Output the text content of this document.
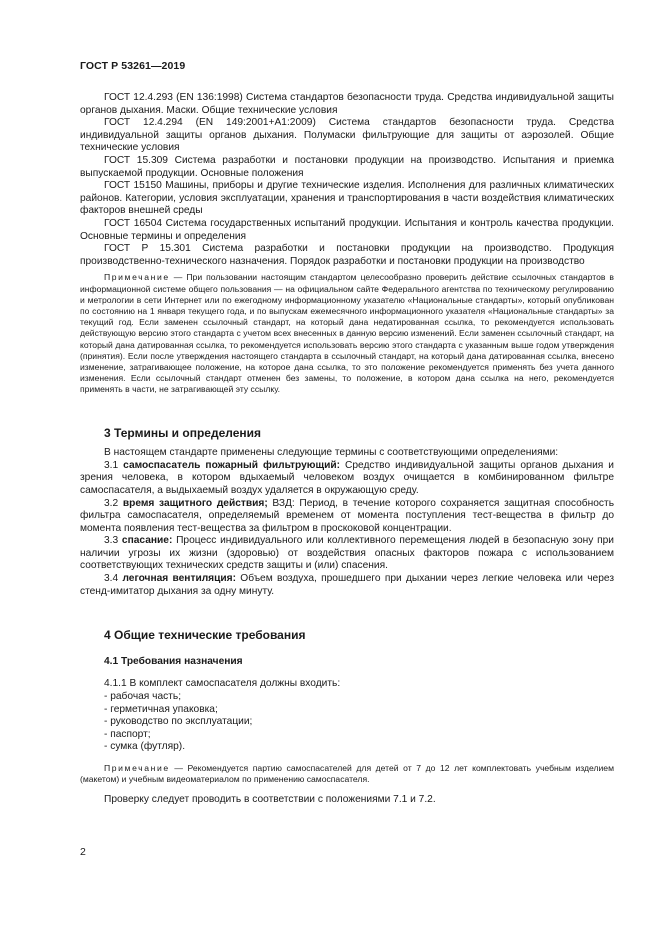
ГОСТ Р 53261—2019

ГОСТ 12.4.293 (EN 136:1998) Система стандартов безопасности труда. Средства индивидуальной защиты органов дыхания. Маски. Общие технические условия

ГОСТ 12.4.294 (EN 149:2001+A1:2009) Система стандартов безопасности труда. Средства индивидуальной защиты органов дыхания. Полумаски фильтрующие для защиты от аэрозолей. Общие технические условия

ГОСТ 15.309 Система разработки и постановки продукции на производство. Испытания и приемка выпускаемой продукции. Основные положения

ГОСТ 15150 Машины, приборы и другие технические изделия. Исполнения для различных климатических районов. Категории, условия эксплуатации, хранения и транспортирования в части воздействия климатических факторов внешней среды

ГОСТ 16504 Система государственных испытаний продукции. Испытания и контроль качества продукции. Основные термины и определения

ГОСТ Р 15.301 Система разработки и постановки продукции на производство. Продукция производственно-технического назначения. Порядок разработки и постановки продукции на производство

Примечание — При пользовании настоящим стандартом целесообразно проверить действие ссылочных стандартов в информационной системе общего пользования — на официальном сайте Федерального агентства по техническому регулированию и метрологии в сети Интернет или по ежегодному информационному указателю «Национальные стандарты», который опубликован по состоянию на 1 января текущего года, и по выпускам ежемесячного информационного указателя «Национальные стандарты» за текущий год. Если заменен ссылочный стандарт, на который дана недатированная ссылка, то рекомендуется использовать действующую версию этого стандарта с учетом всех внесенных в данную версию изменений. Если заменен ссылочный стандарт, на который дана датированная ссылка, то рекомендуется использовать версию этого стандарта с указанным выше годом утверждения (принятия). Если после утверждения настоящего стандарта в ссылочный стандарт, на который дана датированная ссылка, внесено изменение, затрагивающее положение, на которое дана ссылка, то это положение рекомендуется применять без учета данного изменения. Если ссылочный стандарт отменен без замены, то положение, в котором дана ссылка на него, рекомендуется применять в части, не затрагивающей эту ссылку.

3 Термины и определения

В настоящем стандарте применены следующие термины с соответствующими определениями:

3.1 самоспасатель пожарный фильтрующий: Средство индивидуальной защиты органов дыхания и зрения человека, в котором вдыхаемый человеком воздух очищается в комбинированном фильтре самоспасателя, а выдыхаемый воздух удаляется в окружающую среду.

3.2 время защитного действия; ВЗД: Период, в течение которого сохраняется защитная способность фильтра самоспасателя, определяемый временем от момента поступления тест-вещества в фильтр до момента появления тест-вещества за фильтром в проскоковой концентрации.

3.3 спасание: Процесс индивидуального или коллективного перемещения людей в безопасную зону при наличии угрозы их жизни (здоровью) от воздействия опасных факторов пожара с использованием соответствующих технических средств защиты и (или) спасения.

3.4 легочная вентиляция: Объем воздуха, прошедшего при дыхании через легкие человека или через стенд-имитатор дыхания за одну минуту.

4 Общие технические требования
4.1 Требования назначения

4.1.1 В комплект самоспасателя должны входить:

- рабочая часть;
- герметичная упаковка;
- руководство по эксплуатации;
- паспорт;
- сумка (футляр).

Примечание — Рекомендуется партию самоспасателей для детей от 7 до 12 лет комплектовать учебным изделием (макетом) и учебным видеоматериалом по применению самоспасателя.

Проверку следует проводить в соответствии с положениями 7.1 и 7.2.

2
